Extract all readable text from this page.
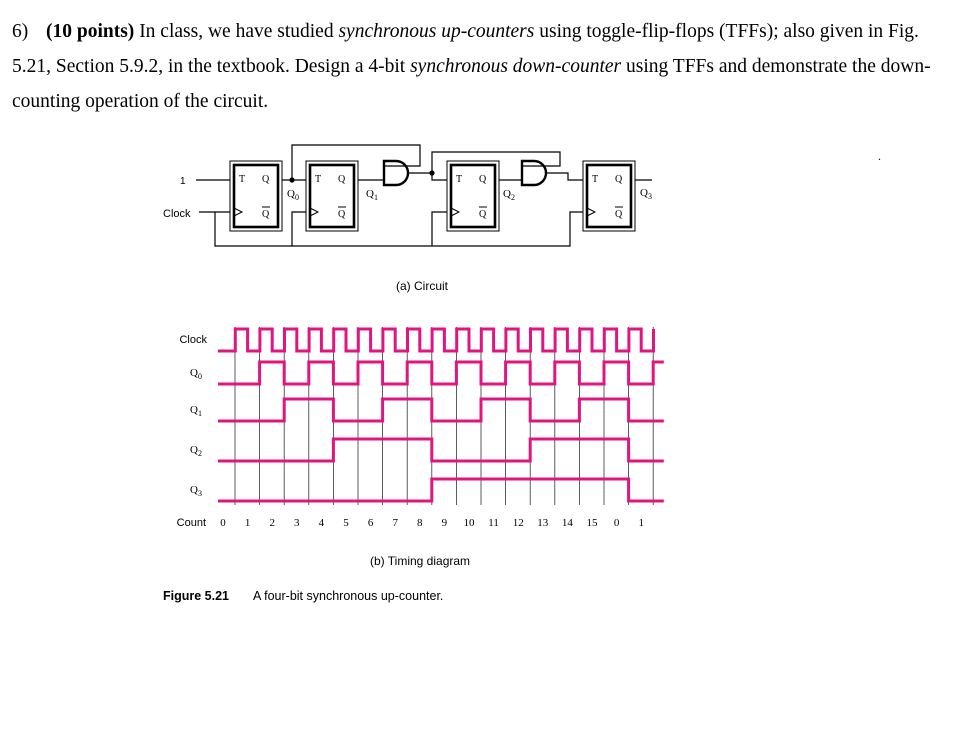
6) (10 points) In class, we have studied synchronous up-counters using toggle-flip-flops (TFFs); also given in Fig. 5.21, Section 5.9.2, in the textbook. Design a 4-bit synchronous down-counter using TFFs and demonstrate the down-counting operation of the circuit.
.
T Q
Q
T Q
Q
T Q
Q
T Q
Q
1
Clock
$Q_0$	$Q_1$	$Q_2$	$Q_3$
Clock
$Q_0$
$Q_1$
$Q_2$
$Q_3$
Count 0 1 2 3 4 5 6 7 8 9 10 11 12 13 14 15 0 1
(a) Circuit
(b) Timing diagram
Figure 5.21 A four-bit synchronous up-counter.
